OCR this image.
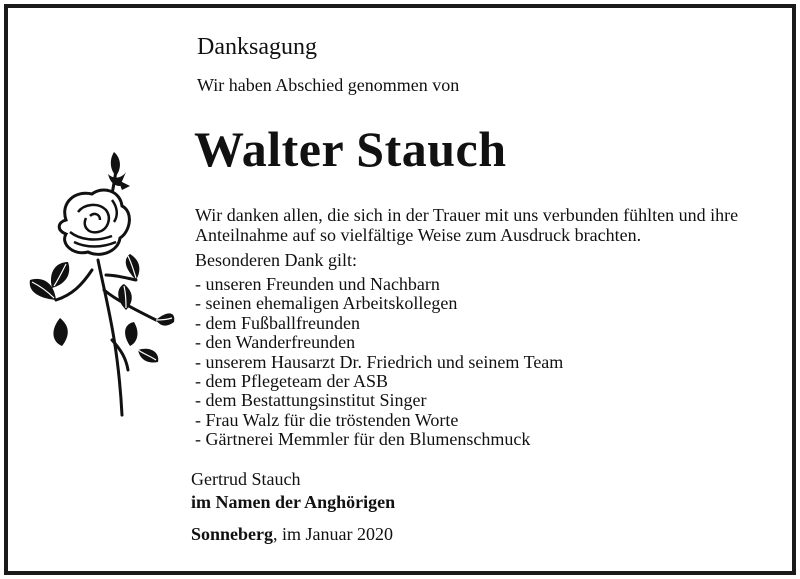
Danksagung
Wir haben Abschied genommen von
Walter Stauch
Wir danken allen, die sich in der Trauer mit uns verbunden fühlten und ihre Anteilnahme auf so vielfältige Weise zum Ausdruck brachten.
Besonderen Dank gilt:
- unseren Freunden und Nachbarn
- seinen ehemaligen Arbeitskollegen
- dem Fußballfreunden
- den Wanderfreunden
- unserem Hausarzt Dr. Friedrich und seinem Team
- dem Pflegeteam der ASB
- dem Bestattungsinstitut Singer
- Frau Walz für die tröstenden Worte
- Gärtnerei Memmler für den Blumenschmuck
Gertrud Stauch
im Namen der Anghörigen
Sonneberg, im Januar 2020
